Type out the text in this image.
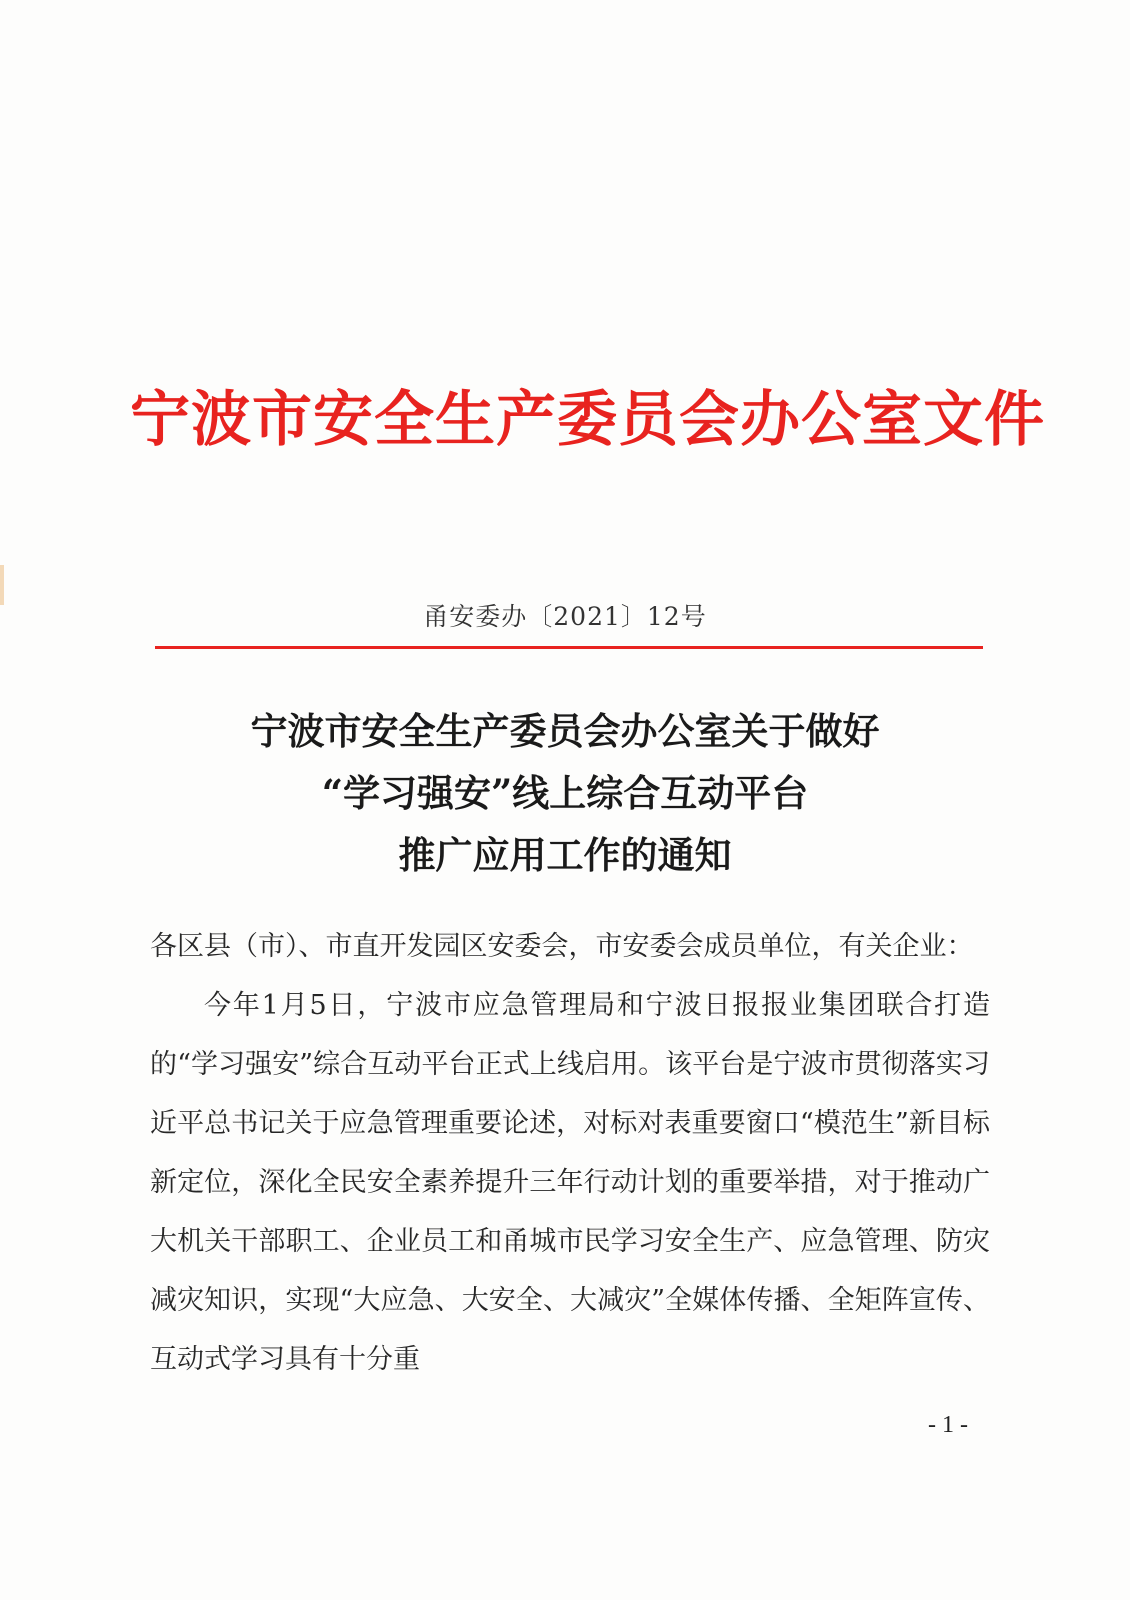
宁波市安全生产委员会办公室文件
甬安委办〔2021〕12号
宁波市安全生产委员会办公室关于做好
“学习强安”线上综合互动平台
推广应用工作的通知

各区县（市）、市直开发园区安委会，市安委会成员单位，有关企业：

今年1月5日，宁波市应急管理局和宁波日报报业集团联合打造的“学习强安”综合互动平台正式上线启用。该平台是宁波市贯彻落实习近平总书记关于应急管理重要论述，对标对表重要窗口“模范生”新目标新定位，深化全民安全素养提升三年行动计划的重要举措，对于推动广大机关干部职工、企业员工和甬城市民学习安全生产、应急管理、防灾减灾知识，实现“大应急、大安全、大减灾”全媒体传播、全矩阵宣传、互动式学习具有十分重

- 1 -
